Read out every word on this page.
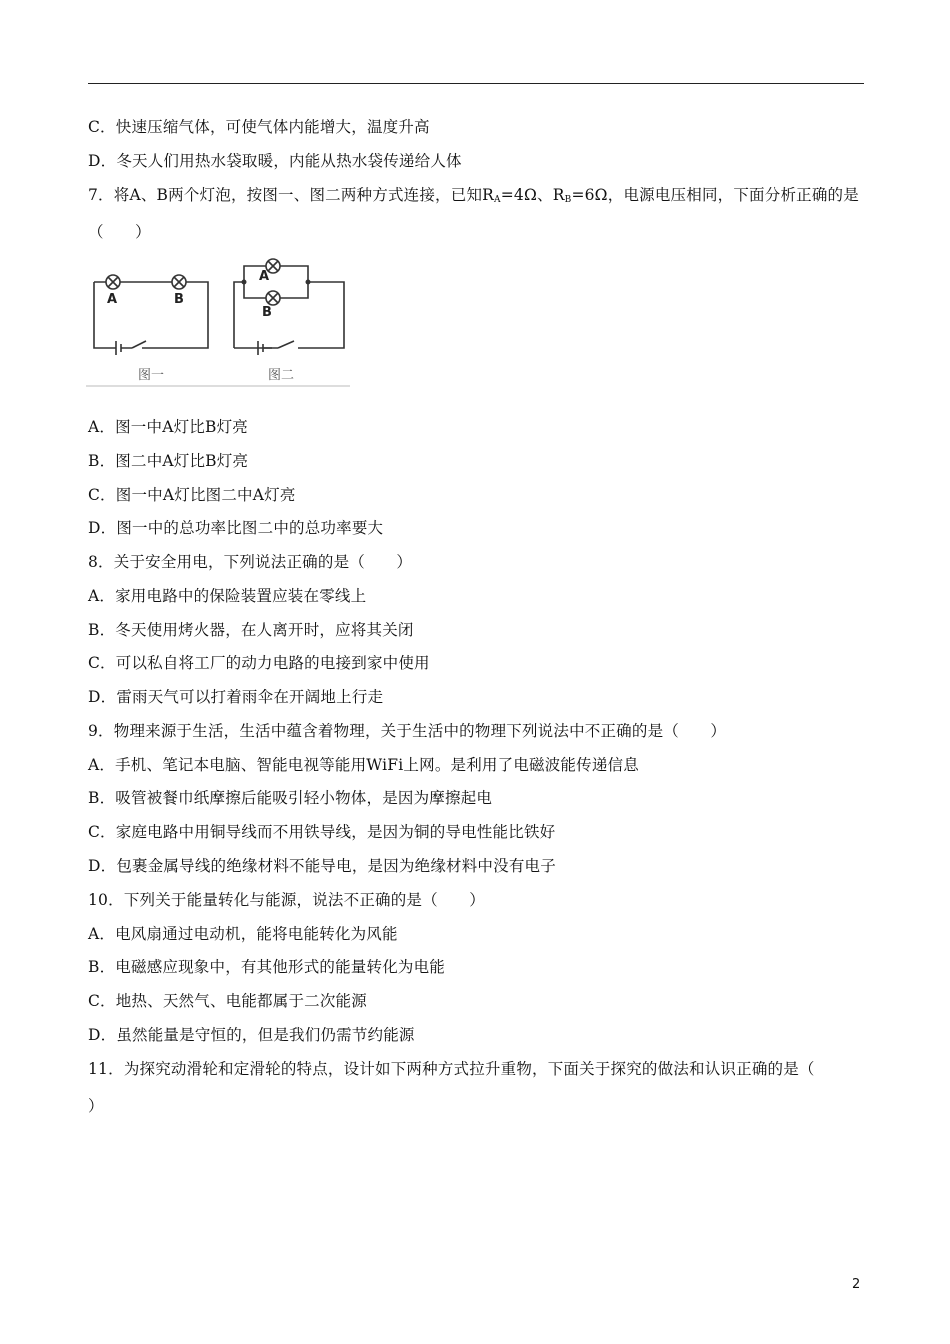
C．快速压缩气体，可使气体内能增大，温度升高
D．冬天人们用热水袋取暖，内能从热水袋传递给人体
7．将A、B两个灯泡，按图一、图二两种方式连接，已知$R_A=4\Omega$、$R_B=6\Omega$，电源电压相同，下面分析正确的是
（　　）
A	B
A
B
图一	图二
A．图一中A灯比B灯亮
B．图二中A灯比B灯亮
C．图一中A灯比图二中A灯亮
D．图一中的总功率比图二中的总功率要大
8．关于安全用电，下列说法正确的是（　　）
A．家用电路中的保险装置应装在零线上
B．冬天使用烤火器，在人离开时，应将其关闭
C．可以私自将工厂的动力电路的电接到家中使用
D．雷雨天气可以打着雨伞在开阔地上行走
9．物理来源于生活，生活中蕴含着物理，关于生活中的物理下列说法中不正确的是（　　）
A．手机、笔记本电脑、智能电视等能用WiFi上网。是利用了电磁波能传递信息
B．吸管被餐巾纸摩擦后能吸引轻小物体，是因为摩擦起电
C．家庭电路中用铜导线而不用铁导线，是因为铜的导电性能比铁好
D．包裹金属导线的绝缘材料不能导电，是因为绝缘材料中没有电子
10．下列关于能量转化与能源，说法不正确的是（　　）
A．电风扇通过电动机，能将电能转化为风能
B．电磁感应现象中，有其他形式的能量转化为电能
C．地热、天然气、电能都属于二次能源
D．虽然能量是守恒的，但是我们仍需节约能源
11．为探究动滑轮和定滑轮的特点，设计如下两种方式拉升重物，下面关于探究的做法和认识正确的是（
）
2
